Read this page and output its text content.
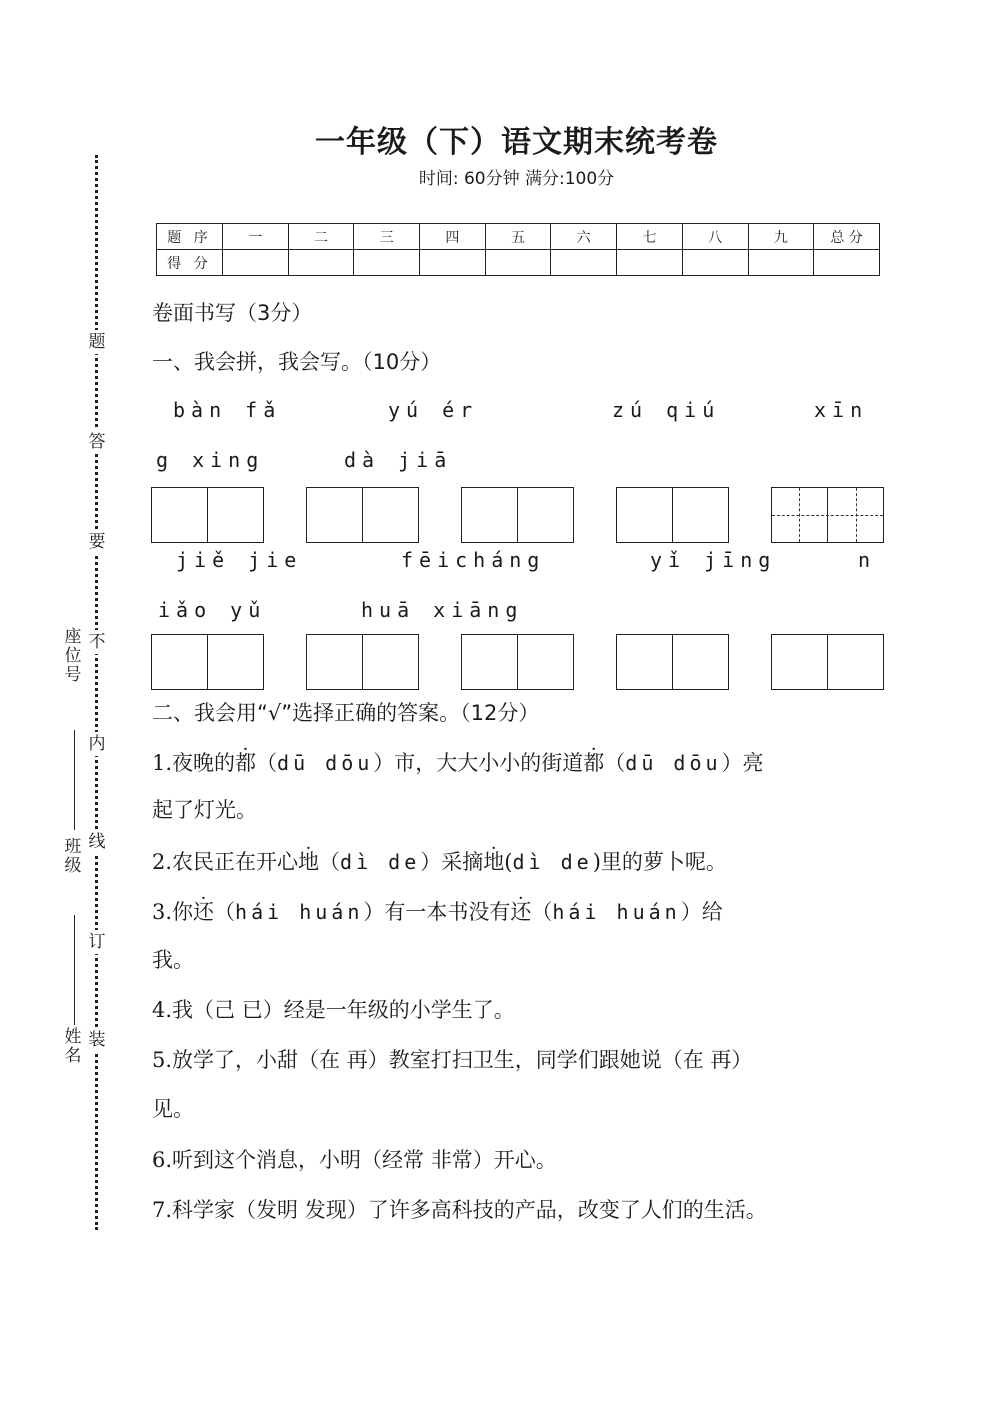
题
答
要
不
内
线
订
装
座
位
号
班
级
姓
名
一年级（下）语文期末统考卷
时间: 60分钟 满分:100分
题 序	一	二	三	四	五	六	七	八	九	总 分
得 分										
卷面书写（3分）
一、我会拼，我会写。（10分）
bàn fǎ	yú ér	zú qiú	xīn
g xing	dà jiā
jiě jie	fēicháng	yǐ jīng	n
iǎo yǔ	huā xiāng
二、我会用“√”选择正确的答案。（12分）
1.夜晚的都（dū dōu）市，大大小小的街道都（dū dōu）亮
起了灯光。
2.农民正在开心地（dì de）采摘地(dì de)里的萝卜呢。
3.你还（hái huán）有一本书没有还（hái huán）给
我。
4.我（己 已）经是一年级的小学生了。
5.放学了，小甜（在 再）教室打扫卫生，同学们跟她说（在 再）
见。
6.听到这个消息，小明（经常 非常）开心。
7.科学家（发明 发现）了许多高科技的产品，改变了人们的生活。
